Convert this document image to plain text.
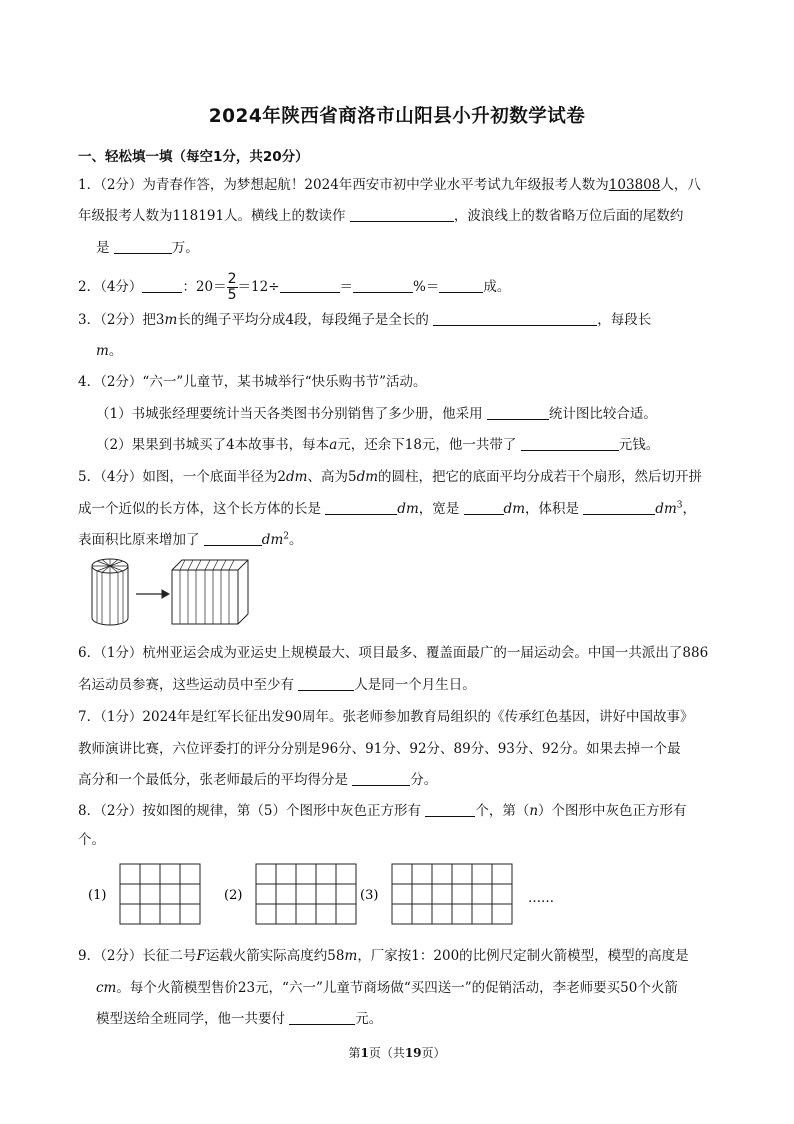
2024年陕西省商洛市山阳县小升初数学试卷
一、轻松填一填（每空1分，共20分）
1．（2分）为青春作答，为梦想起航！2024年西安市初中学业水平考试九年级报考人数为103808人，八
年级报考人数为118191人。横线上的数读作	，波浪线上的数省略万位后面的尾数约
是	万。
2．（4分）	：$20= \frac{2}{5} =12\div$	＝	%＝	成。
3．（2分）把3m长的绳子平均分成4段，每段绳子是全长的	，每段长
m。
4．（2分）“六一”儿童节，某书城举行“快乐购书节”活动。
（1）书城张经理要统计当天各类图书分别销售了多少册，他采用	统计图比较合适。
（2）果果到书城买了4本故事书，每本a元，还余下18元，他一共带了	元钱。
5．（4分）如图，一个底面半径为2dm、高为5dm的圆柱，把它的底面平均分成若干个扇形，然后切开拼
成一个近似的长方体，这个长方体的长是	dm，宽是	dm，体积是	$dm^3$，
表面积比原来增加了	$dm^2$。
6．（1分）杭州亚运会成为亚运史上规模最大、项目最多、覆盖面最广的一届运动会。中国一共派出了886
名运动员参赛，这些运动员中至少有	人是同一个月生日。
7．（1分）2024年是红军长征出发90周年。张老师参加教育局组织的《传承红色基因，讲好中国故事》
教师演讲比赛，六位评委打的评分分别是96分、91分、92分、89分、93分、92分。如果去掉一个最
高分和一个最低分，张老师最后的平均得分是	分。
8．（2分）按如图的规律，第（5）个图形中灰色正方形有	个，第（n）个图形中灰色正方形有
个。
(1)	(2)	(3)	……
9．（2分）长征二号F运载火箭实际高度约58m，厂家按1：200的比例尺定制火箭模型，模型的高度是
cm。每个火箭模型售价23元，“六一”儿童节商场做“买四送一”的促销活动，李老师要买50个火箭
模型送给全班同学，他一共要付	元。
第1页（共19页）
